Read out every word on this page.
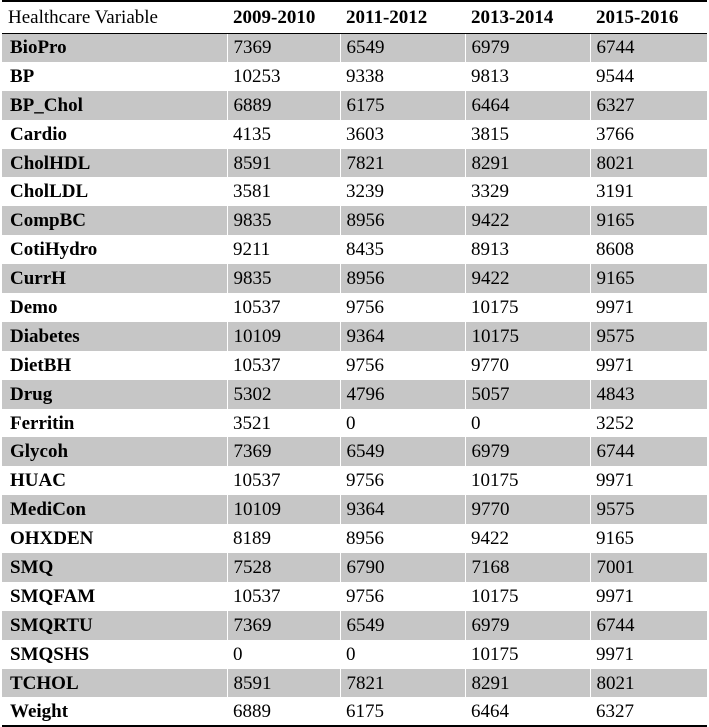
Healthcare Variable	2009-2010	2011-2012	2013-2014	2015-2016
BioPro	7369	6549	6979	6744
BP	10253	9338	9813	9544
BP_Chol	6889	6175	6464	6327
Cardio	4135	3603	3815	3766
CholHDL	8591	7821	8291	8021
CholLDL	3581	3239	3329	3191
CompBC	9835	8956	9422	9165
CotiHydro	9211	8435	8913	8608
CurrH	9835	8956	9422	9165
Demo	10537	9756	10175	9971
Diabetes	10109	9364	10175	9575
DietBH	10537	9756	9770	9971
Drug	5302	4796	5057	4843
Ferritin	3521	0	0	3252
Glycoh	7369	6549	6979	6744
HUAC	10537	9756	10175	9971
MediCon	10109	9364	9770	9575
OHXDEN	8189	8956	9422	9165
SMQ	7528	6790	7168	7001
SMQFAM	10537	9756	10175	9971
SMQRTU	7369	6549	6979	6744
SMQSHS	0	0	10175	9971
TCHOL	8591	7821	8291	8021
Weight	6889	6175	6464	6327
